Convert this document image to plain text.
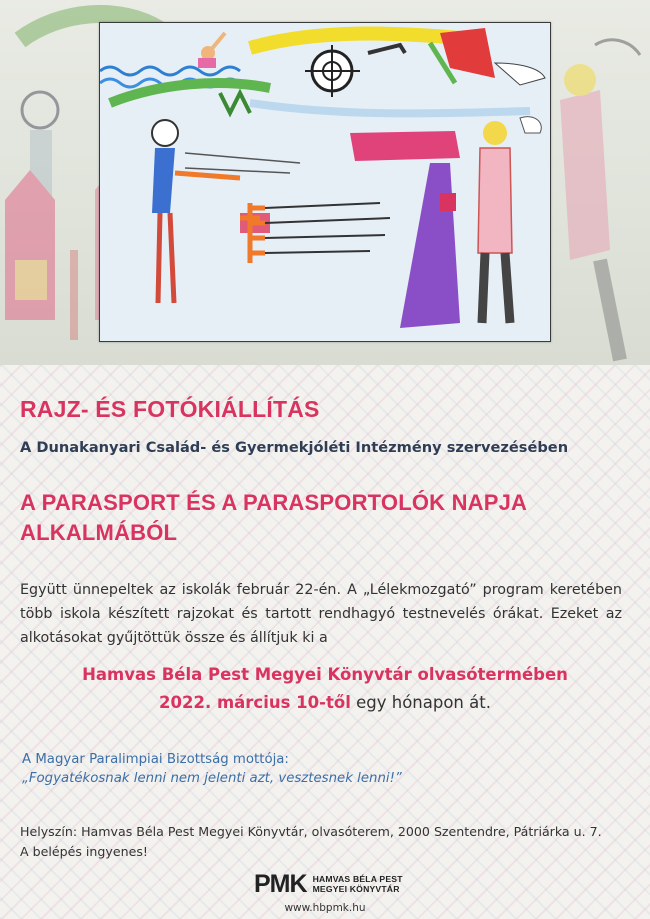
RAJZ- ÉS FOTÓKIÁLLÍTÁS
A Dunakanyari Család- és Gyermekjóléti Intézmény szervezésében
A PARASPORT ÉS A PARASPORTOLÓK NAPJA ALKALMÁBÓL
Együtt ünnepeltek az iskolák február 22-én. A „Lélekmozgató” program keretében több iskola készített rajzokat és tartott rendhagyó testnevelés órákat. Ezeket az alkotásokat gyűjtöttük össze és állítjuk ki a
Hamvas Béla Pest Megyei Könyvtár olvasótermében
2022. március 10-től egy hónapon át.
A Magyar Paralimpiai Bizottság mottója:
„Fogyatékosnak lenni nem jelenti azt, vesztesnek lenni!”
Helyszín: Hamvas Béla Pest Megyei Könyvtár, olvasóterem, 2000 Szentendre, Pátriárka u. 7.
A belépés ingyenes!
PMK HAMVAS BÉLA PEST
MEGYEI KÖNYVTÁR
www.hbpmk.hu
